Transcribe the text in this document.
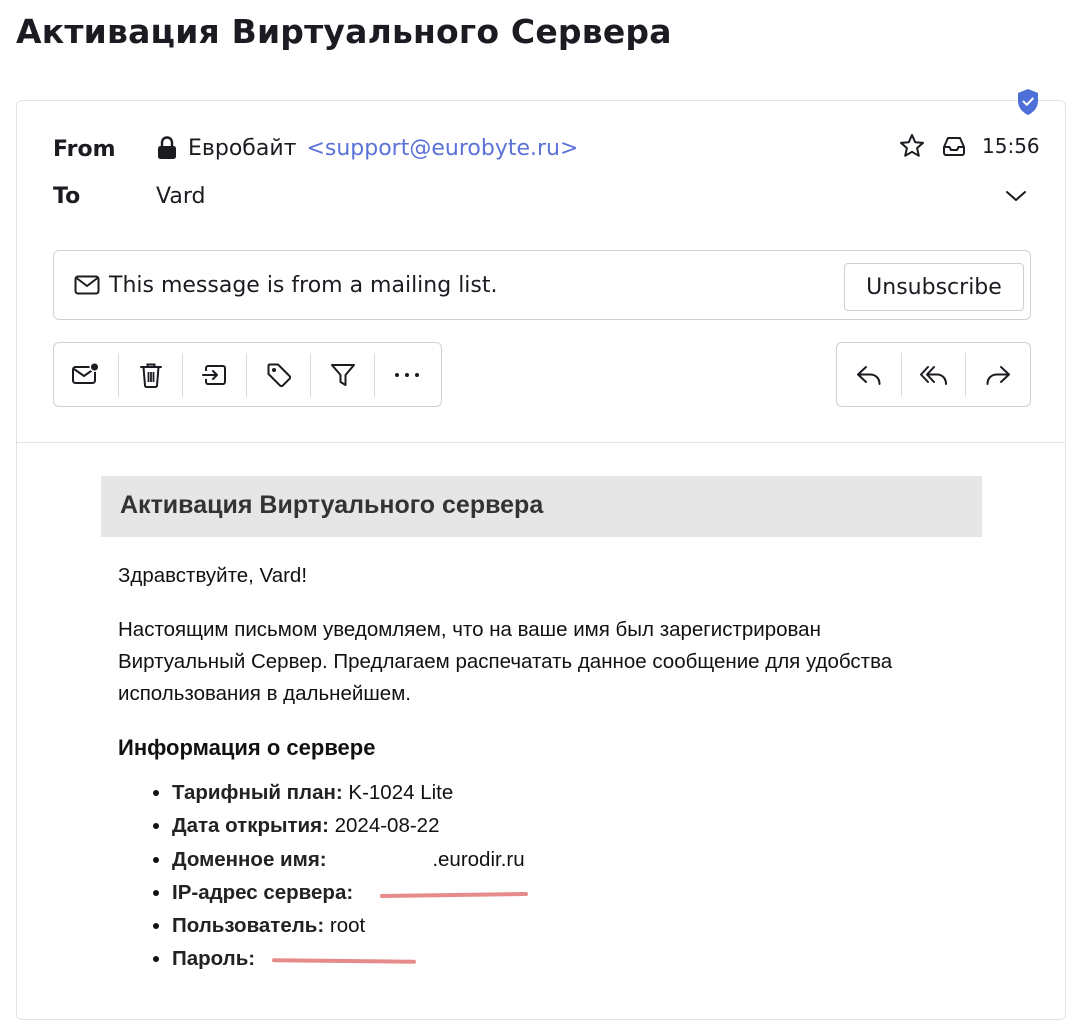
Активация Виртуального Сервера
From
To
Евробайт <support@eurobyte.ru>
Vard
15:56
This message is from a mailing list.	Unsubscribe
Активация Виртуального сервера

Здравствуйте, Vard!

Настоящим письмом уведомляем, что на ваше имя был зарегистрирован
Виртуальный Сервер. Предлагаем распечатать данное сообщение для удобства
использования в дальнейшем.

Информация о сервере
• Тарифный план: K-1024 Lite
• Дата открытия: 2024-08-22
• Доменное имя:	.eurodir.ru
• IP-адрес сервера:
• Пользователь: root
• Пароль:
